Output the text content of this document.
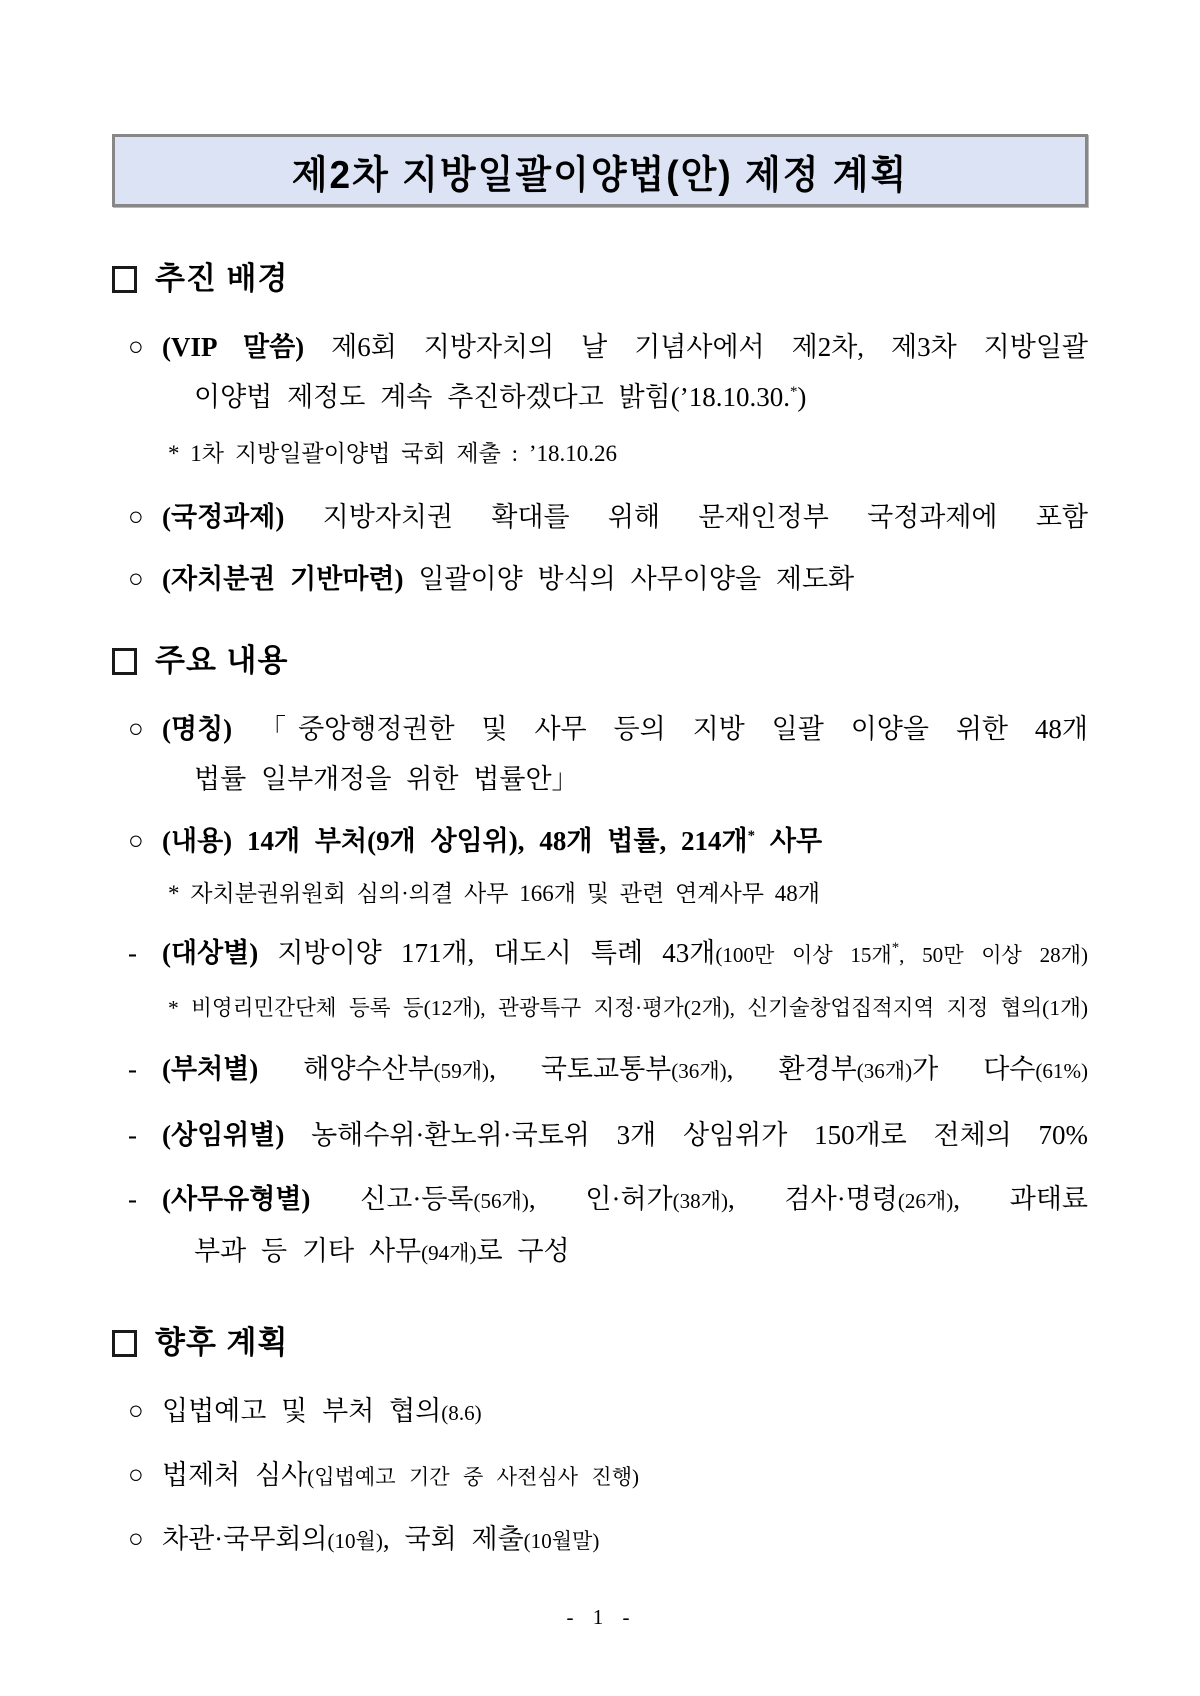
제2차 지방일괄이양법(안) 제정 계획
추진 배경
○ (VIP 말씀) 제6회 지방자치의 날 기념사에서 제2차, 제3차 지방일괄
이양법 제정도 계속 추진하겠다고 밝힘(’18.10.30.*)
* 1차 지방일괄이양법 국회 제출 : ’18.10.26
○ (국정과제) 지방자치권 확대를 위해 문재인정부 국정과제에 포함
○ (자치분권 기반마련) 일괄이양 방식의 사무이양을 제도화
주요 내용
○ (명칭) 「중앙행정권한 및 사무 등의 지방 일괄 이양을 위한 48개
법률 일부개정을 위한 법률안」
○ (내용) 14개 부처(9개 상임위), 48개 법률, 214개* 사무
* 자치분권위원회 심의·의결 사무 166개 및 관련 연계사무 48개
- (대상별) 지방이양 171개, 대도시 특례 43개(100만 이상 15개*, 50만 이상 28개)
* 비영리민간단체 등록 등(12개), 관광특구 지정·평가(2개), 신기술창업집적지역 지정 협의(1개)
- (부처별) 해양수산부(59개), 국토교통부(36개), 환경부(36개)가 다수(61%)
- (상임위별) 농해수위·환노위·국토위 3개 상임위가 150개로 전체의 70%
- (사무유형별) 신고·등록(56개), 인·허가(38개), 검사·명령(26개), 과태료
부과 등 기타 사무(94개)로 구성
향후 계획
○ 입법예고 및 부처 협의(8.6)
○ 법제처 심사(입법예고 기간 중 사전심사 진행)
○ 차관·국무회의(10월), 국회 제출(10월말)
- 1 -
